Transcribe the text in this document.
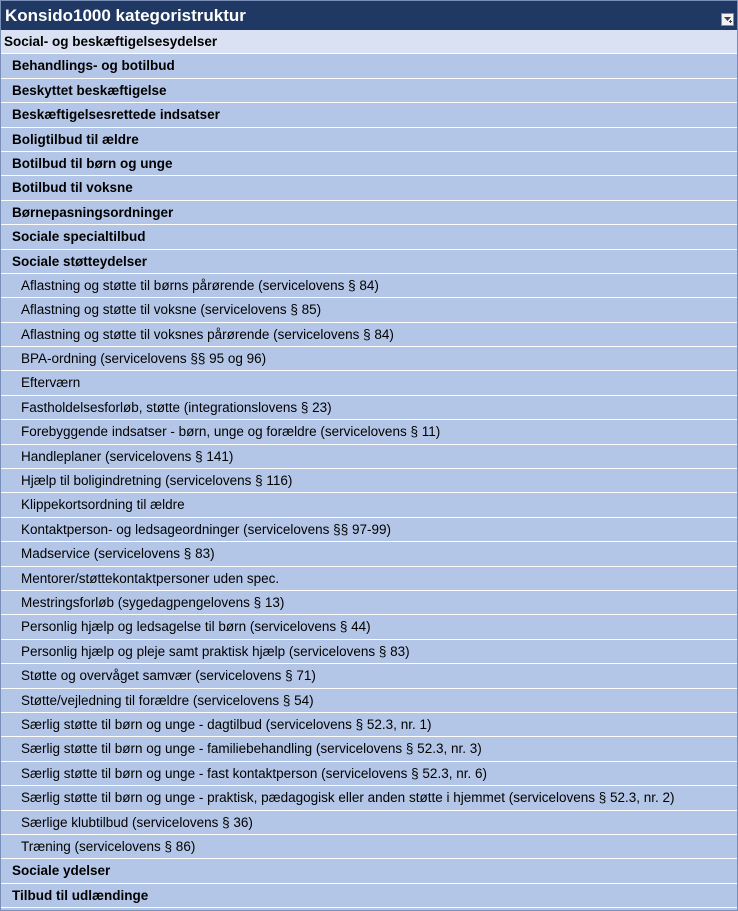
Konsido1000 kategoristruktur
Social- og beskæftigelsesydelser
Behandlings- og botilbud
Beskyttet beskæftigelse
Beskæftigelsesrettede indsatser
Boligtilbud til ældre
Botilbud til børn og unge
Botilbud til voksne
Børnepasningsordninger
Sociale specialtilbud
Sociale støtteydelser
Aflastning og støtte til børns pårørende (servicelovens § 84)
Aflastning og støtte til voksne (servicelovens § 85)
Aflastning og støtte til voksnes pårørende (servicelovens § 84)
BPA-ordning (servicelovens §§ 95 og 96)
Efterværn
Fastholdelsesforløb, støtte (integrationslovens § 23)
Forebyggende indsatser - børn, unge og forældre (servicelovens § 11)
Handleplaner (servicelovens § 141)
Hjælp til boligindretning (servicelovens § 116)
Klippekortsordning til ældre
Kontaktperson- og ledsageordninger (servicelovens §§ 97-99)
Madservice (servicelovens § 83)
Mentorer/støttekontaktpersoner uden spec.
Mestringsforløb (sygedagpengelovens § 13)
Personlig hjælp og ledsagelse til børn (servicelovens § 44)
Personlig hjælp og pleje samt praktisk hjælp (servicelovens § 83)
Støtte og overvåget samvær (servicelovens § 71)
Støtte/vejledning til forældre (servicelovens § 54)
Særlig støtte til børn og unge - dagtilbud (servicelovens § 52.3, nr. 1)
Særlig støtte til børn og unge - familiebehandling (servicelovens § 52.3, nr. 3)
Særlig støtte til børn og unge - fast kontaktperson (servicelovens § 52.3, nr. 6)
Særlig støtte til børn og unge - praktisk, pædagogisk eller anden støtte i hjemmet (servicelovens § 52.3, nr. 2)
Særlige klubtilbud (servicelovens § 36)
Træning (servicelovens § 86)
Sociale ydelser
Tilbud til udlændinge
